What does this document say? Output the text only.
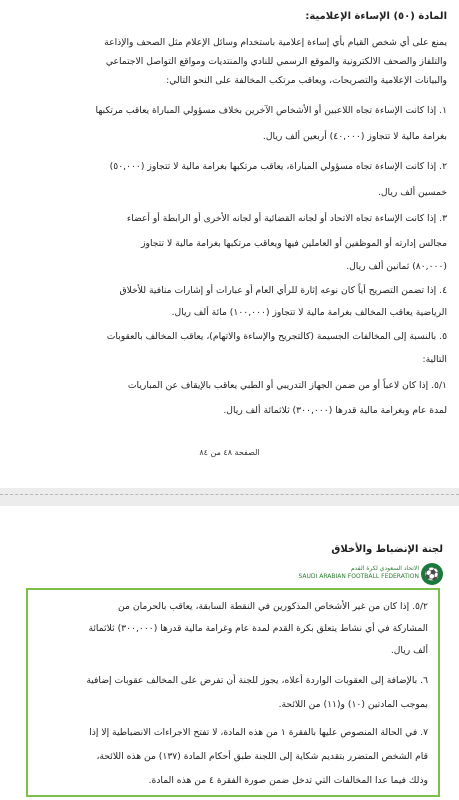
المادة (٥٠) الإساءة الإعلامية:
يمنع على أي شخص القيام بأي إساءة إعلامية باستخدام وسائل الإعلام مثل الصحف والإذاعة
والتلفاز والصحف الالكترونية والموقع الرسمي للنادي والمنتديات ومواقع التواصل الاجتماعي
والبيانات الإعلامية والتصريحات، ويعاقب مرتكب المخالفة على النحو التالي:
١. إذا كانت الإساءة تجاه اللاعبين أو الأشخاص الآخرين بخلاف مسؤولي المباراة يعاقب مرتكبها
بغرامة مالية لا تتجاوز (٤٠,٠٠٠) أربعين ألف ريال.
٢. إذا كانت الإساءة تجاه مسؤولي المباراة، يعاقب مرتكبها بغرامة مالية لا تتجاوز (٥٠,٠٠٠)
خمسين ألف ريال.
٣. إذا كانت الإساءة تجاه الاتحاد أو لجانه القضائية أو لجانه الأخرى أو الرابطة أو أعضاء
مجالس إدارته أو الموظفين أو العاملين فيها ويعاقب مرتكبها بغرامة مالية لا تتجاوز
(٨٠,٠٠٠) ثمانين ألف ريال.
٤. إذا تضمن التصريح أياً كان نوعه إثارة للرأي العام أو عبارات أو إشارات منافية للأخلاق
الرياضية يعاقب المخالف بغرامة مالية لا تتجاوز (١٠٠,٠٠٠) مائة ألف ريال.
٥. بالنسبة إلى المخالفات الجسيمة (كالتجريح والإساءة والاتهام)، يعاقب المخالف بالعقوبات
التالية:
٥/١. إذا كان لاعباً أو من ضمن الجهاز التدريبي أو الطبي يعاقب بالإيقاف عن المباريات
لمدة عام وبغرامة مالية قدرها (٣٠٠,٠٠٠) ثلاثمائة ألف ريال.
الصفحة ٤٨ من ٨٤
لجنة الإنضباط والأخلاق
⚽
الاتحاد السعودي لكرة القدم
SAUDI ARABIAN FOOTBALL FEDERATION
٥/٢. إذا كان من غير الأشخاص المذكورين في النقطة السابقة، يعاقب بالحرمان من
المشاركة في أي نشاط يتعلق بكرة القدم لمدة عام وغرامة مالية قدرها (٣٠٠,٠٠٠) ثلاثمائة
ألف ريال.
٦. بالإضافة إلى العقوبات الواردة أعلاه، يجوز للجنة أن تفرض على المخالف عقوبات إضافية
بموجب المادتين (١٠) و(١١) من اللائحة.
٧. في الحالة المنصوص عليها بالفقرة ١ من هذه المادة، لا تفتح الاجراءات الانضباطية إلا إذا
قام الشخص المتضرر بتقديم شكاية إلى اللجنة طبق أحكام المادة (١٣٧) من هذه اللائحة،
وذلك فيما عدا المخالفات التي تدخل ضمن صورة الفقرة ٤ من هذه المادة.
